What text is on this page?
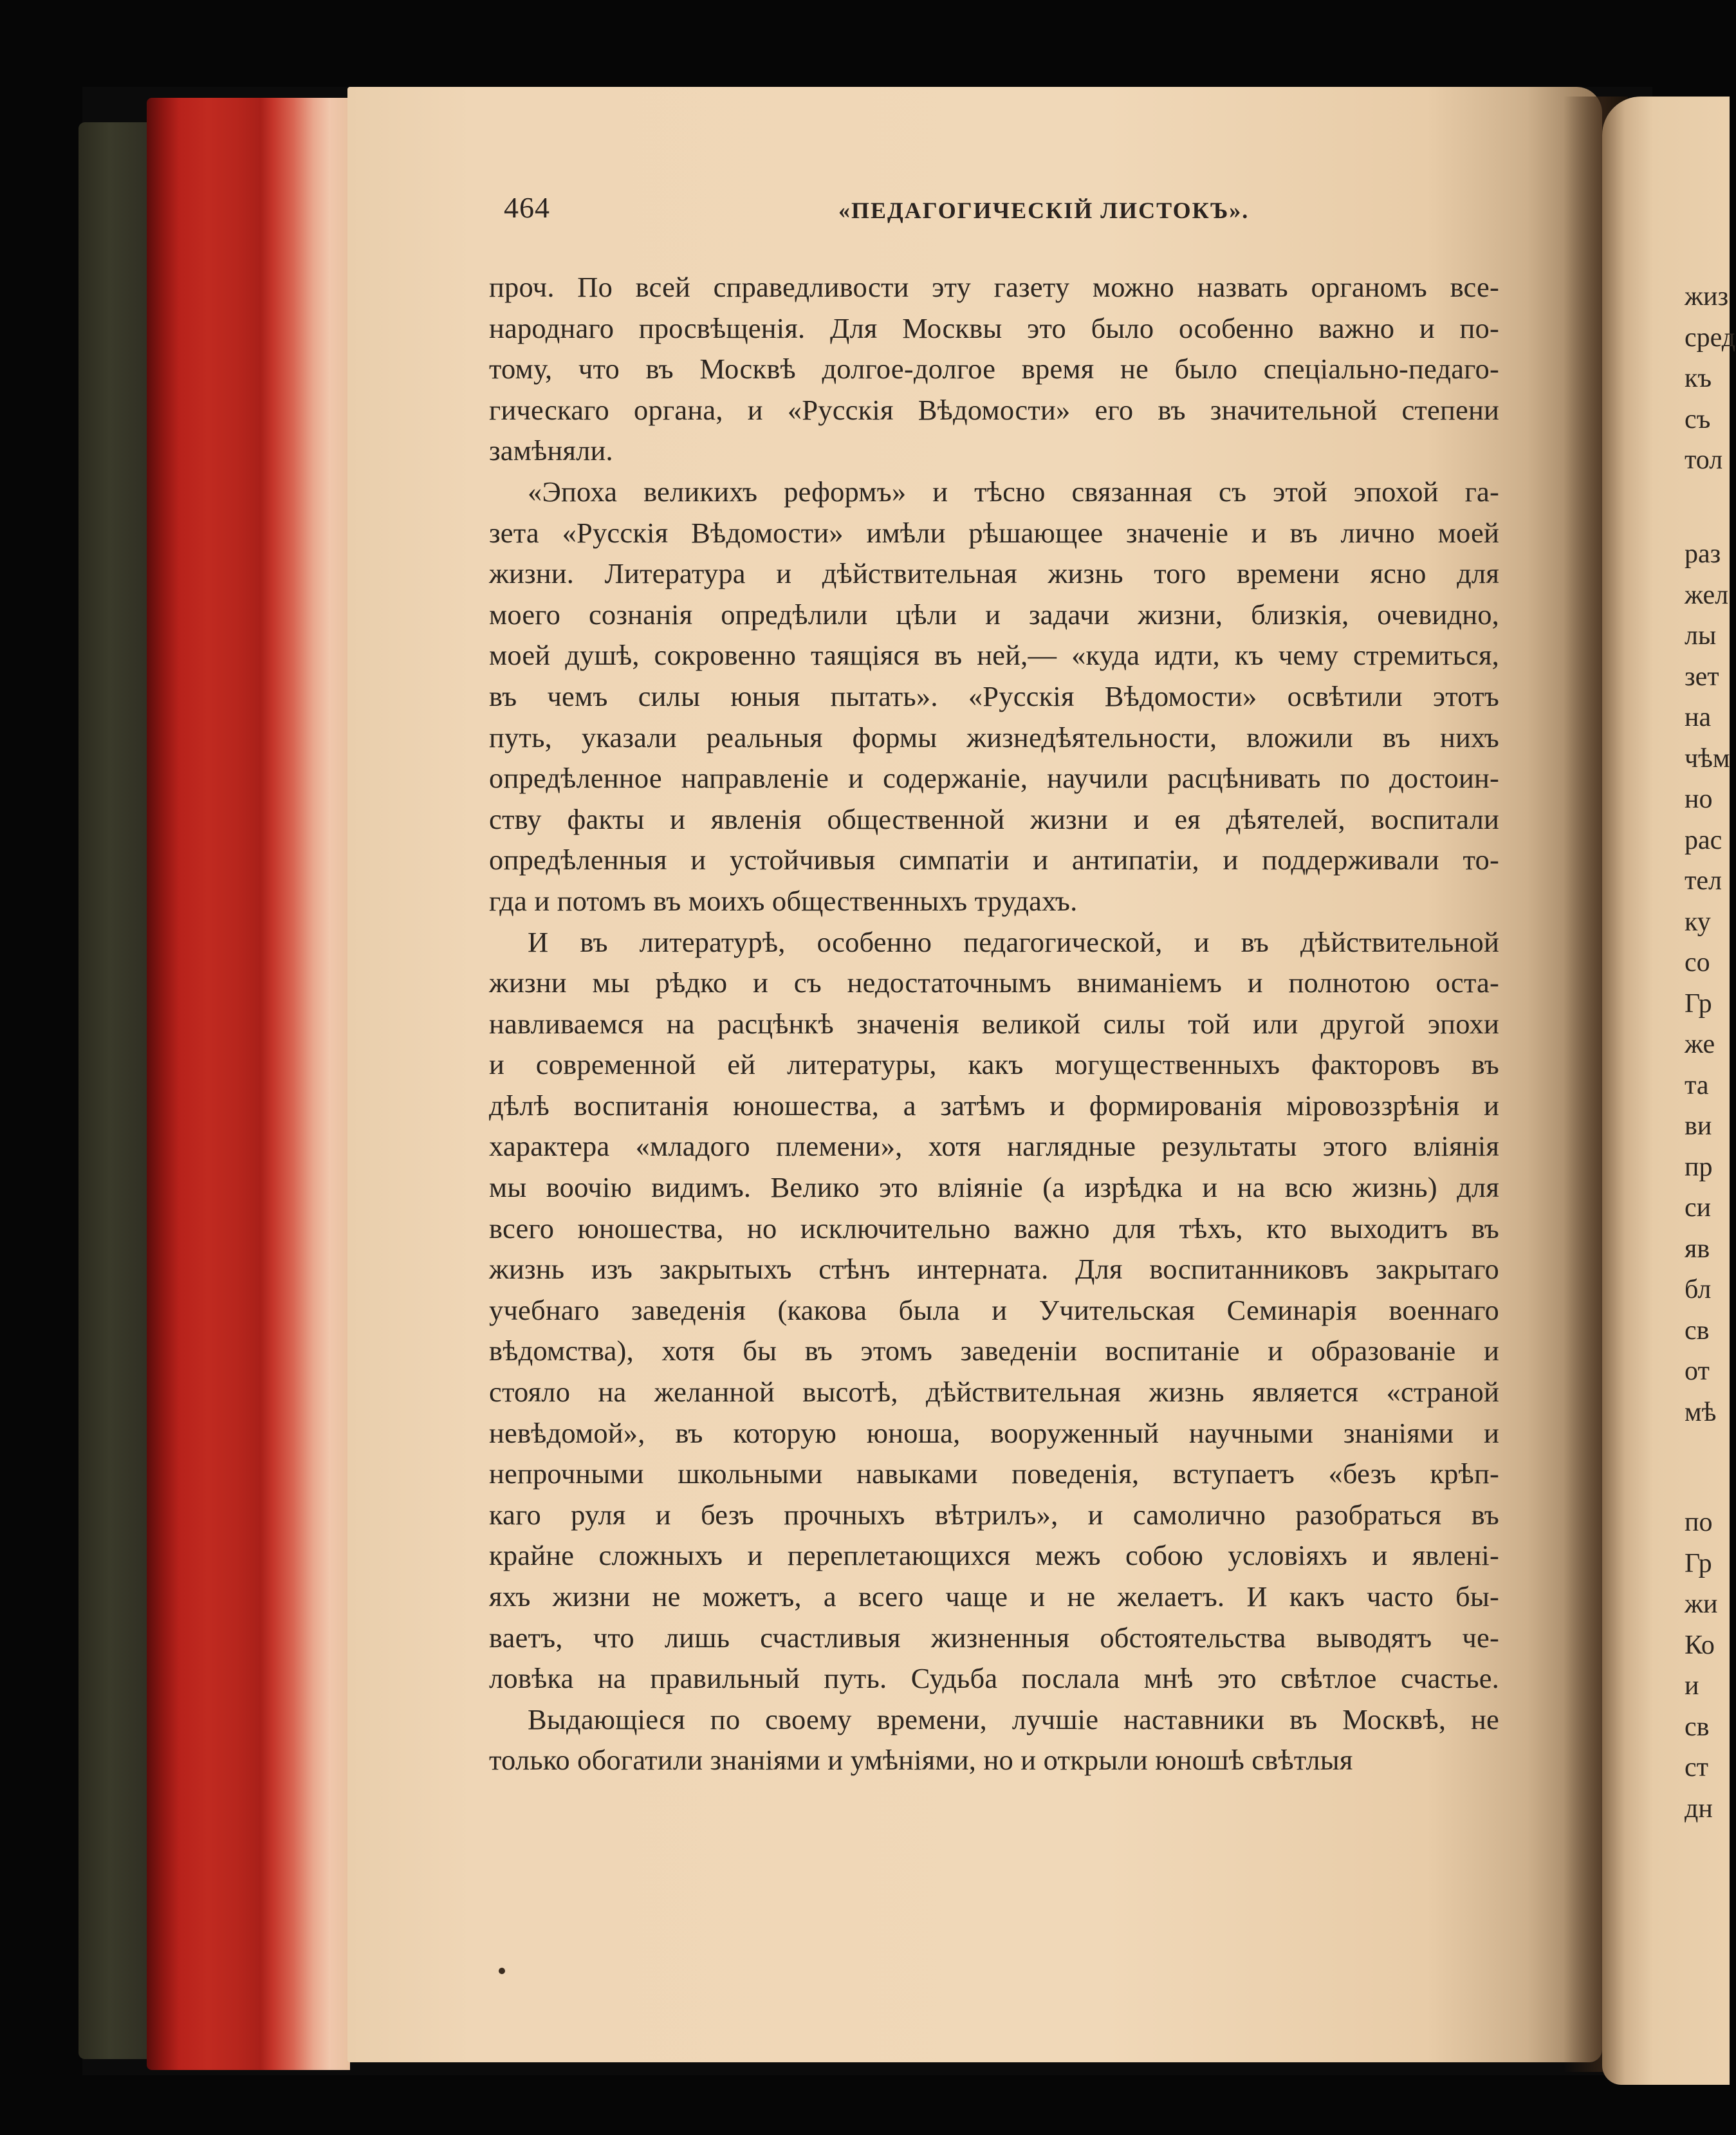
464	«ПЕДАГОГИЧЕСКІЙ ЛИСТОКЪ».
проч. По всей справедливости эту газету можно назвать органомъ все-
народнаго просвѣщенія. Для Москвы это было особенно важно и по-
тому, что въ Москвѣ долгое-долгое время не было спеціально-педаго-
гическаго органа, и «Русскія Вѣдомости» его въ значительной степени
замѣняли.
«Эпоха великихъ реформъ» и тѣсно связанная съ этой эпохой га-
зета «Русскія Вѣдомости» имѣли рѣшающее значеніе и въ лично моей
жизни. Литература и дѣйствительная жизнь того времени ясно для
моего сознанія опредѣлили цѣли и задачи жизни, близкія, очевидно,
моей душѣ, сокровенно таящіяся въ ней,— «куда идти, къ чему стремиться,
въ чемъ силы юныя пытать». «Русскія Вѣдомости» освѣтили этотъ
путь, указали реальныя формы жизнедѣятельности, вложили въ нихъ
опредѣленное направленіе и содержаніе, научили расцѣнивать по достоин-
ству факты и явленія общественной жизни и ея дѣятелей, воспитали
опредѣленныя и устойчивыя симпатіи и антипатіи, и поддерживали то-
гда и потомъ въ моихъ общественныхъ трудахъ.
И въ литературѣ, особенно педагогической, и въ дѣйствительной
жизни мы рѣдко и съ недостаточнымъ вниманіемъ и полнотою оста-
навливаемся на расцѣнкѣ значенія великой силы той или другой эпохи
и современной ей литературы, какъ могущественныхъ факторовъ въ
дѣлѣ воспитанія юношества, а затѣмъ и формированія міровоззрѣнія и
характера «младого племени», хотя наглядные результаты этого вліянія
мы воочію видимъ. Велико это вліяніе (а изрѣдка и на всю жизнь) для
всего юношества, но исключительно важно для тѣхъ, кто выходитъ въ
жизнь изъ закрытыхъ стѣнъ интерната. Для воспитанниковъ закрытаго
учебнаго заведенія (какова была и Учительская Семинарія военнаго
вѣдомства), хотя бы въ этомъ заведеніи воспитаніе и образованіе и
стояло на желанной высотѣ, дѣйствительная жизнь является «страной
невѣдомой», въ которую юноша, вооруженный научными знаніями и
непрочными школьными навыками поведенія, вступаетъ «безъ крѣп-
каго руля и безъ прочныхъ вѣтрилъ», и самолично разобраться въ
крайне сложныхъ и переплетающихся межъ собою условіяхъ и явлені-
яхъ жизни не можетъ, а всего чаще и не желаетъ. И какъ часто бы-
ваетъ, что лишь счастливыя жизненныя обстоятельства выводятъ че-
ловѣка на правильный путь. Судьба послала мнѣ это свѣтлое счастье.
Выдающіеся по своему времени, лучшіе наставники въ Москвѣ, не
только обогатили знаніями и умѣніями, но и открыли юношѣ свѣтлыя
жиз
сред
къ
съ
тол
раз
жел
лы
зет
на
чѣм
но
рас
тел
ку
со
Гр
же
та
ви
пр
си
яв
бл
св
от
мѣ
по
Гр
жи
Ко
и
св
ст
дн
